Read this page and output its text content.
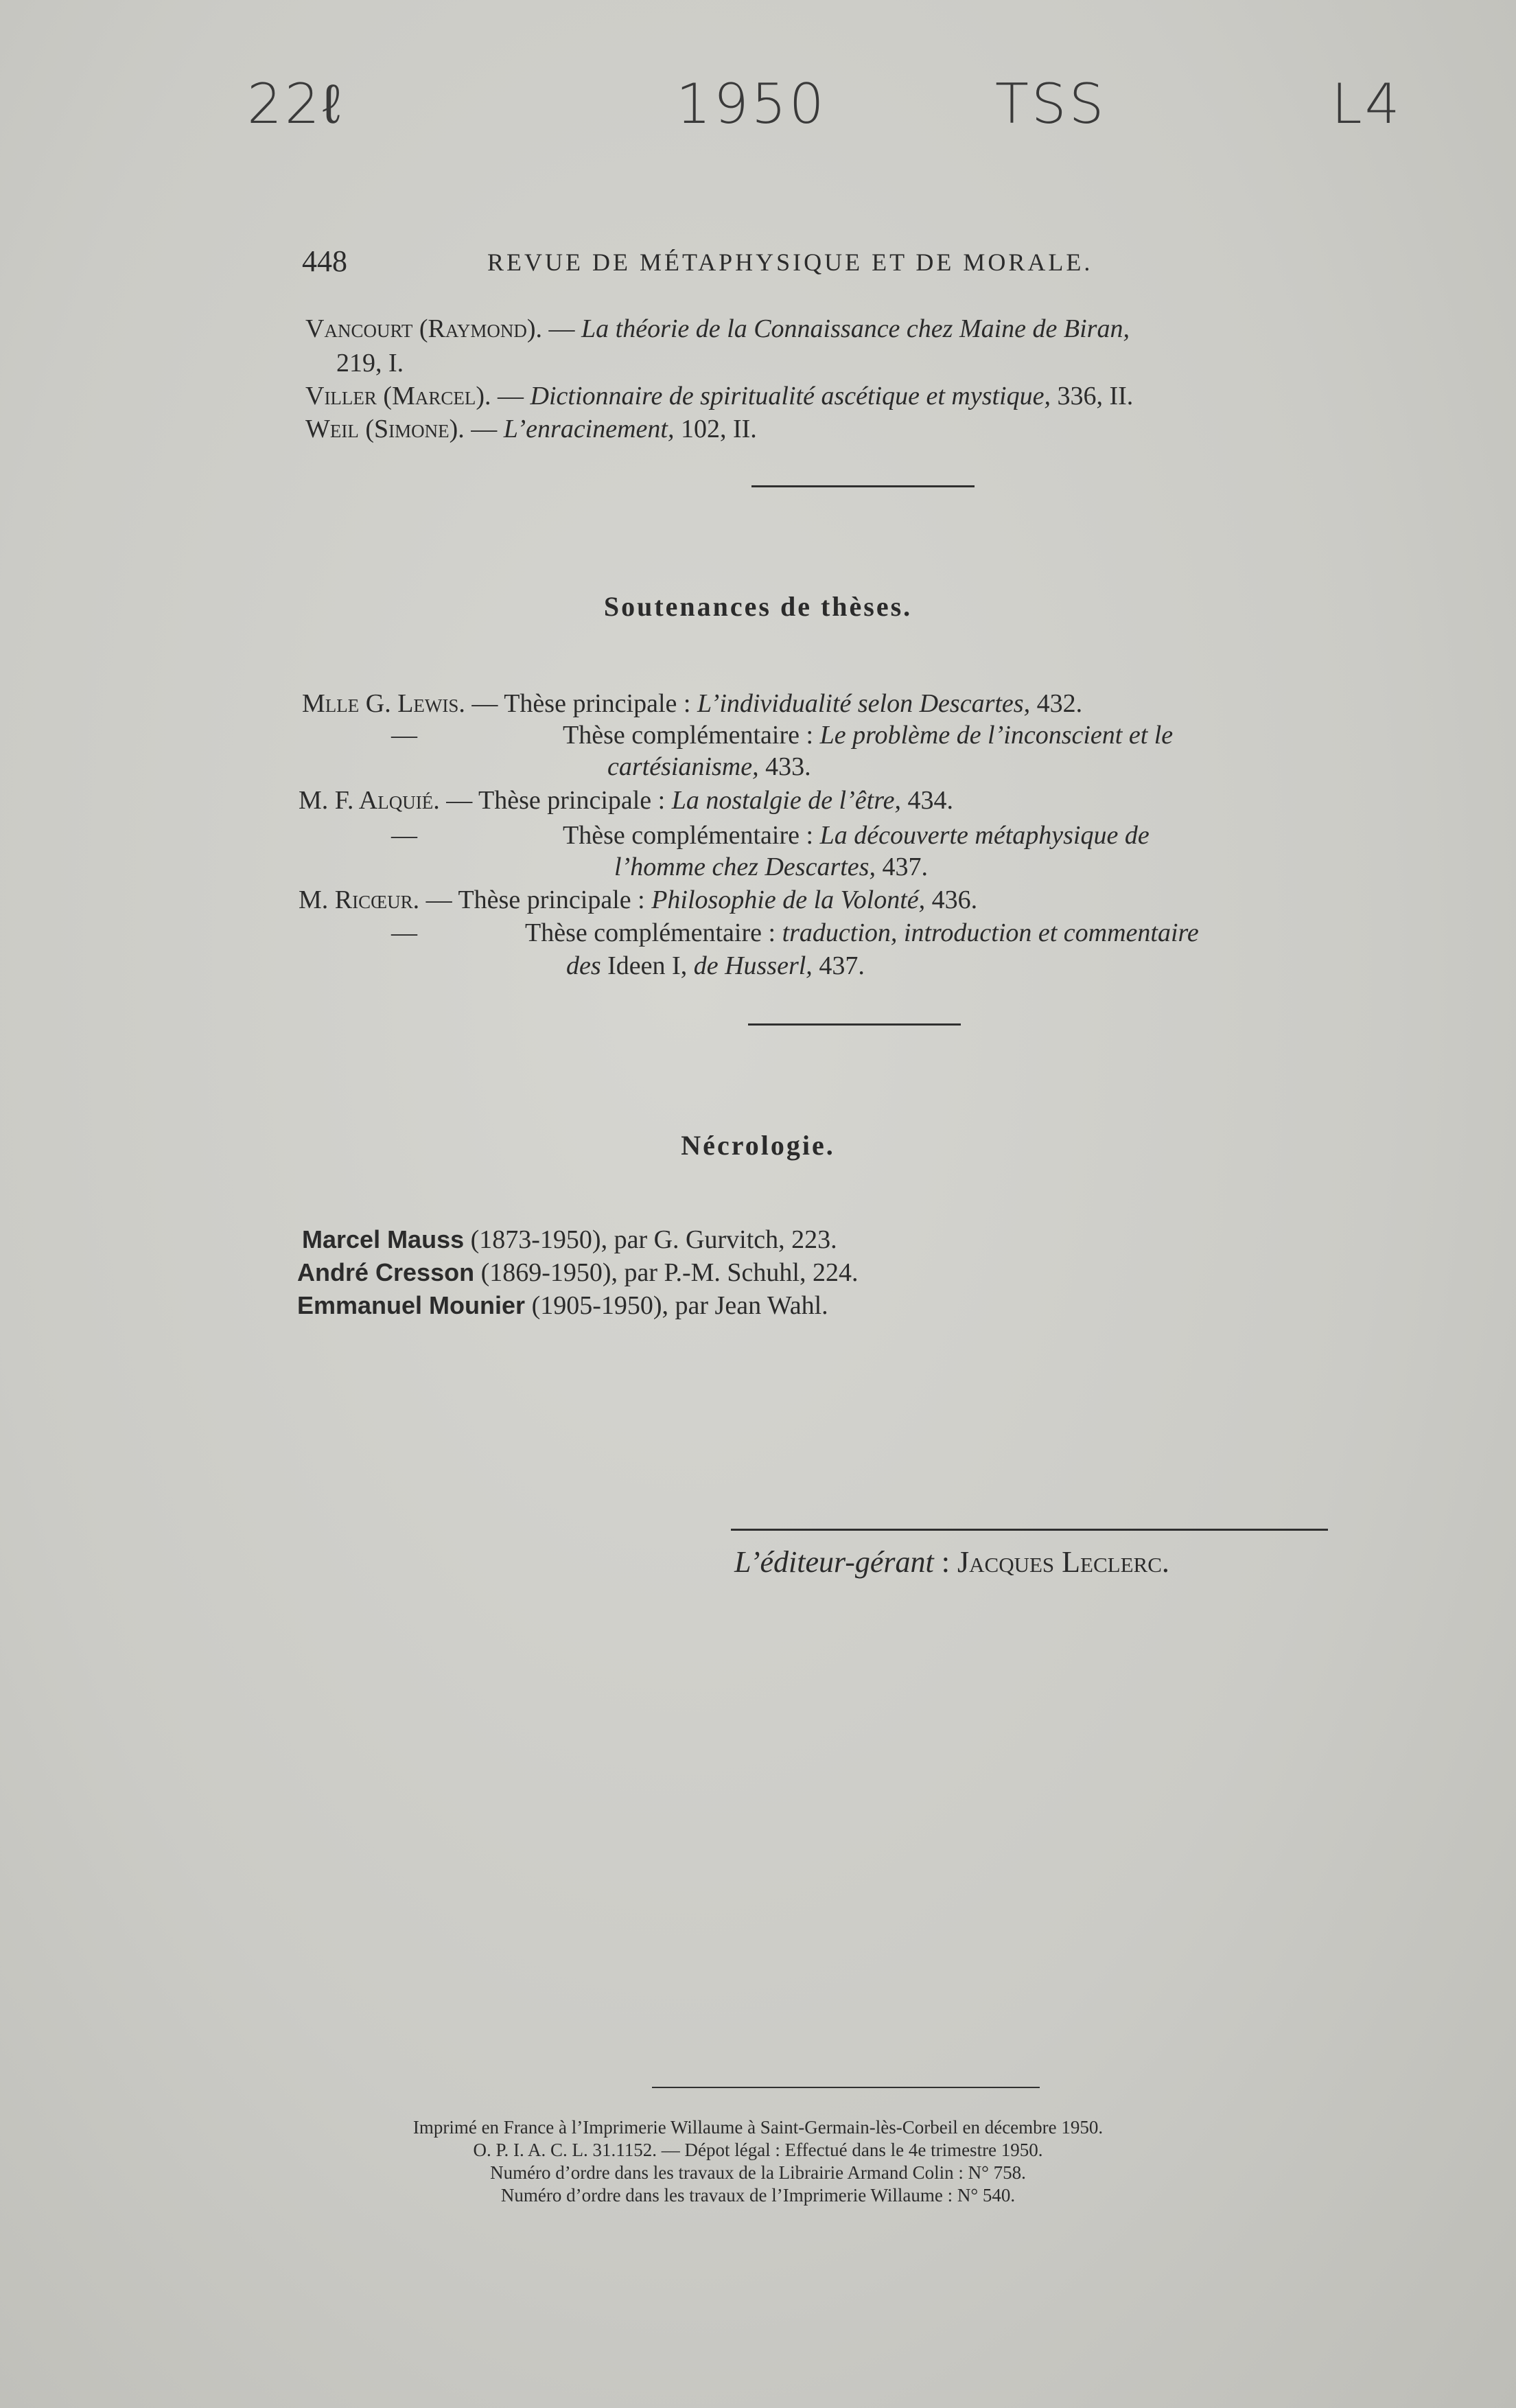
22ℓ	1950	TSS	L4
448	REVUE DE MÉTAPHYSIQUE ET DE MORALE.
Vancourt (Raymond). — La théorie de la Connaissance chez Maine de Biran,
219, I.
Viller (Marcel). — Dictionnaire de spiritualité ascétique et mystique, 336, II.
Weil (Simone). — L’enracinement, 102, II.
Soutenances de thèses.
Mlle G. Lewis. — Thèse principale : L’individualité selon Descartes, 432.
—	Thèse complémentaire : Le problème de l’inconscient et le
cartésianisme, 433.
M. F. Alquié. — Thèse principale : La nostalgie de l’être, 434.
—	Thèse complémentaire : La découverte métaphysique de
l’homme chez Descartes, 437.
M. Ricœur. — Thèse principale : Philosophie de la Volonté, 436.
—	Thèse complémentaire : traduction, introduction et commentaire
des Ideen I, de Husserl, 437.
Nécrologie.
Marcel Mauss (1873-1950), par G. Gurvitch, 223.
André Cresson (1869-1950), par P.-M. Schuhl, 224.
Emmanuel Mounier (1905-1950), par Jean Wahl.
L’éditeur-gérant : Jacques Leclerc.
Imprimé en France à l’Imprimerie Willaume à Saint-Germain-lès-Corbeil en décembre 1950.
O. P. I. A. C. L. 31.1152. — Dépot légal : Effectué dans le 4e trimestre 1950.
Numéro d’ordre dans les travaux de la Librairie Armand Colin : N° 758.
Numéro d’ordre dans les travaux de l’Imprimerie Willaume : N° 540.
